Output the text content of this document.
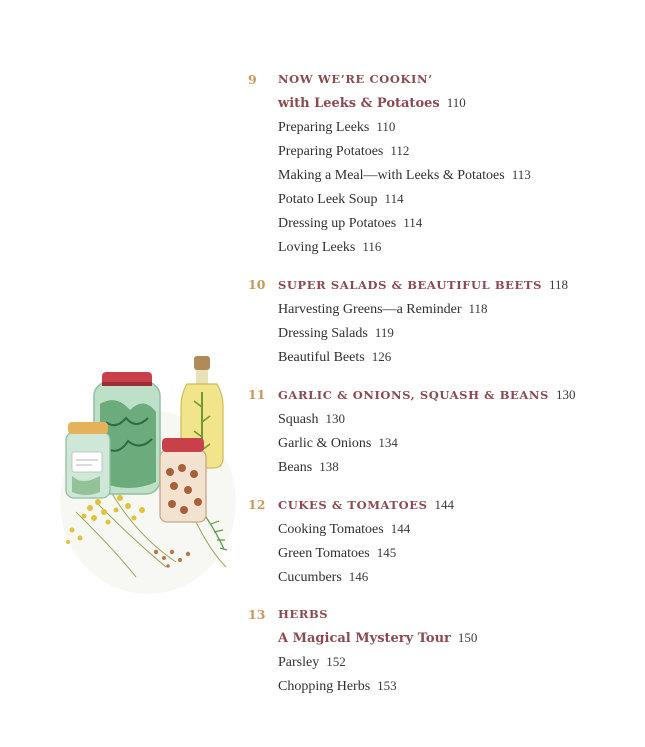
9	NOW WE’RE COOKIN’
with Leeks & Potatoes 110
Preparing Leeks 110
Preparing Potatoes 112
Making a Meal—with Leeks & Potatoes 113
Potato Leek Soup 114
Dressing up Potatoes 114
Loving Leeks 116
10	SUPER SALADS & BEAUTIFUL BEETS 118
Harvesting Greens—a Reminder 118
Dressing Salads 119
Beautiful Beets 126
11	GARLIC & ONIONS, SQUASH & BEANS 130
Squash 130
Garlic & Onions 134
Beans 138
12	CUKES & TOMATOES 144
Cooking Tomatoes 144
Green Tomatoes 145
Cucumbers 146
13	HERBS
A Magical Mystery Tour 150
Parsley 152
Chopping Herbs 153
